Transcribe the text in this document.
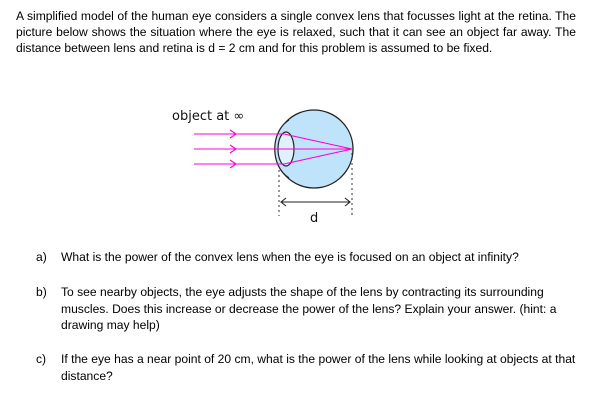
A simplified model of the human eye considers a single convex lens that focusses light at the retina. The picture below shows the situation where the eye is relaxed, such that it can see an object far away. The distance between lens and retina is d = 2 cm and for this problem is assumed to be fixed.
object at ∞
d
a)	What is the power of the convex lens when the eye is focused on an object at infinity?
b)	To see nearby objects, the eye adjusts the shape of the lens by contracting its surrounding muscles. Does this increase or decrease the power of the lens? Explain your answer. (hint: a drawing may help)
c)	If the eye has a near point of 20 cm, what is the power of the lens while looking at objects at that distance?
